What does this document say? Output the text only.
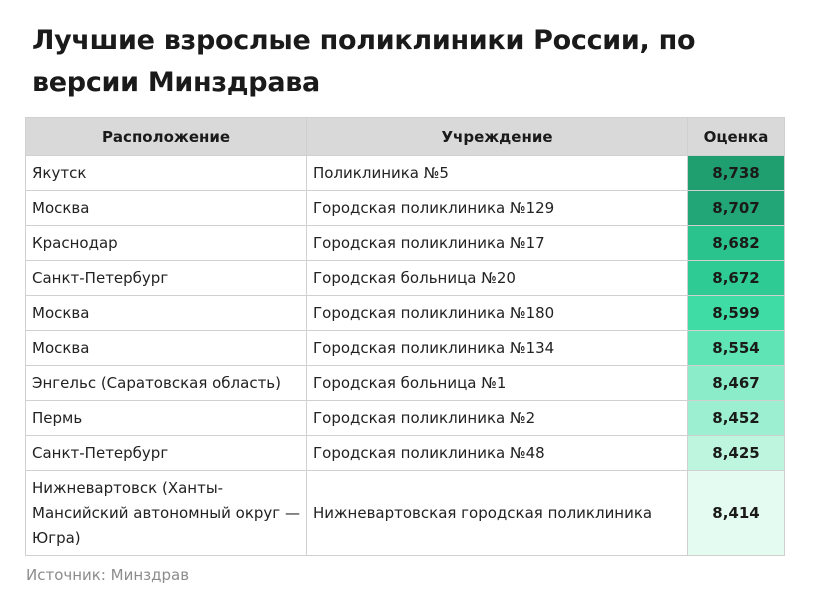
Лучшие взрослые поликлиники России, по версии Минздрава
Расположение	Учреждение	Оценка
Якутск	Поликлиника №5	8,738
Москва	Городская поликлиника №129	8,707
Краснодар	Городская поликлиника №17	8,682
Санкт-Петербург	Городская больница №20	8,672
Москва	Городская поликлиника №180	8,599
Москва	Городская поликлиника №134	8,554
Энгельс (Саратовская область)	Городская больница №1	8,467
Пермь	Городская поликлиника №2	8,452
Санкт-Петербург	Городская поликлиника №48	8,425
Нижневартовск (Ханты-Мансийский автономный округ — Югра)	Нижневартовская городская поликлиника	8,414
Источник: Минздрав
